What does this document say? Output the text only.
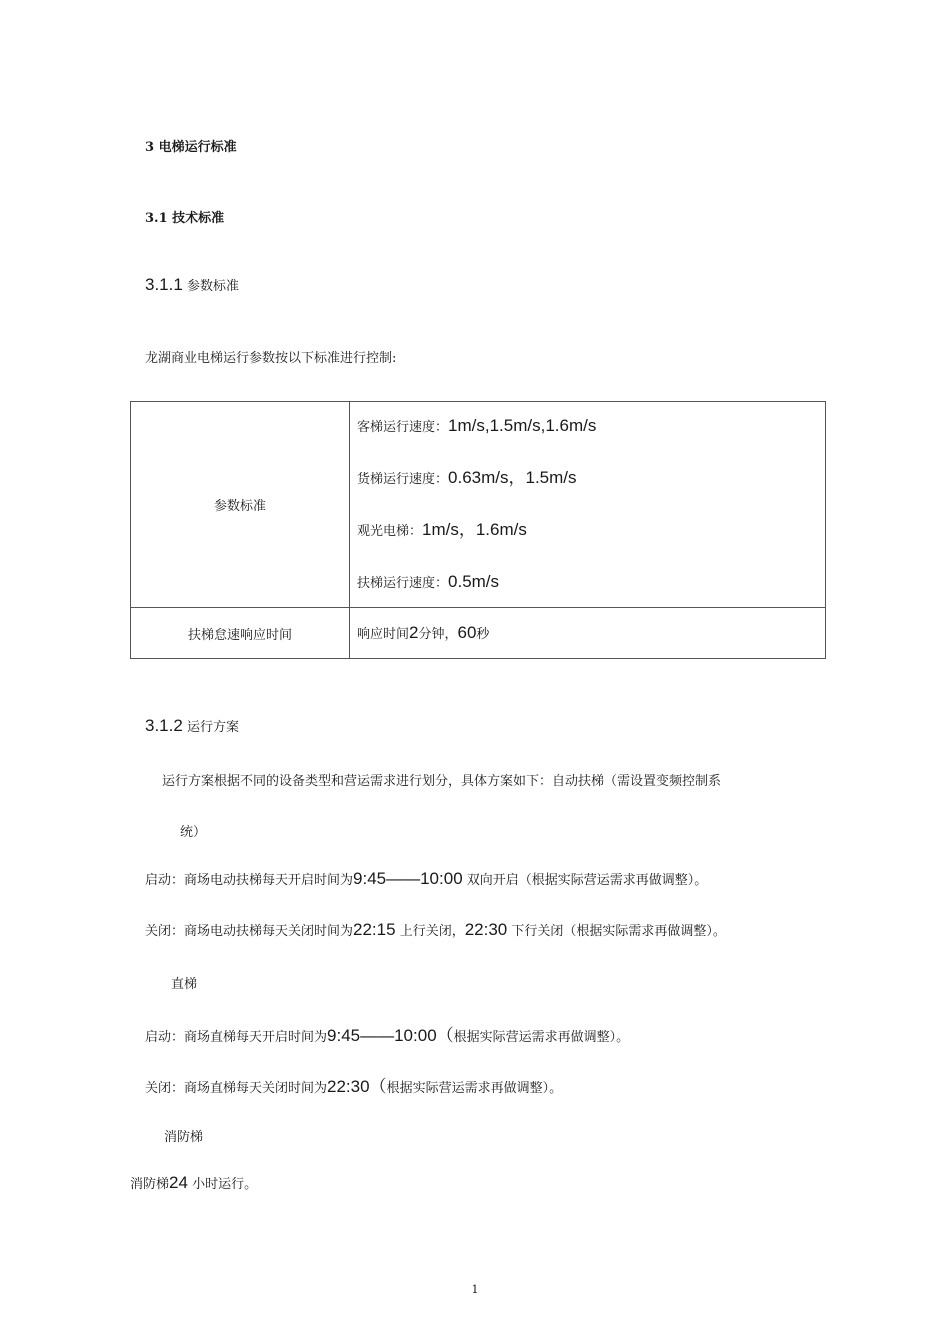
3 电梯运行标准
3.1 技术标准
3.1.1 参数标准
龙湖商业电梯运行参数按以下标准进行控制:
参数标准	客梯运行速度：1m/s,1.5m/s,1.6m/s
货梯运行速度：0.63m/s，1.5m/s
观光电梯：1m/s，1.6m/s
扶梯运行速度：0.5m/s

扶梯怠速响应时间	响应时间2分钟，60秒
3.1.2 运行方案
运行方案根据不同的设备类型和营运需求进行划分，具体方案如下：自动扶梯（需设置变频控制系
统）
启动：商场电动扶梯每天开启时间为9:45——10:00 双向开启（根据实际营运需求再做调整）。
关闭：商场电动扶梯每天关闭时间为22:15 上行关闭，22:30 下行关闭（根据实际需求再做调整）。
直梯
启动：商场直梯每天开启时间为9:45——10:00（根据实际营运需求再做调整）。
关闭：商场直梯每天关闭时间为22:30（根据实际营运需求再做调整）。
消防梯
消防梯24 小时运行。
1
